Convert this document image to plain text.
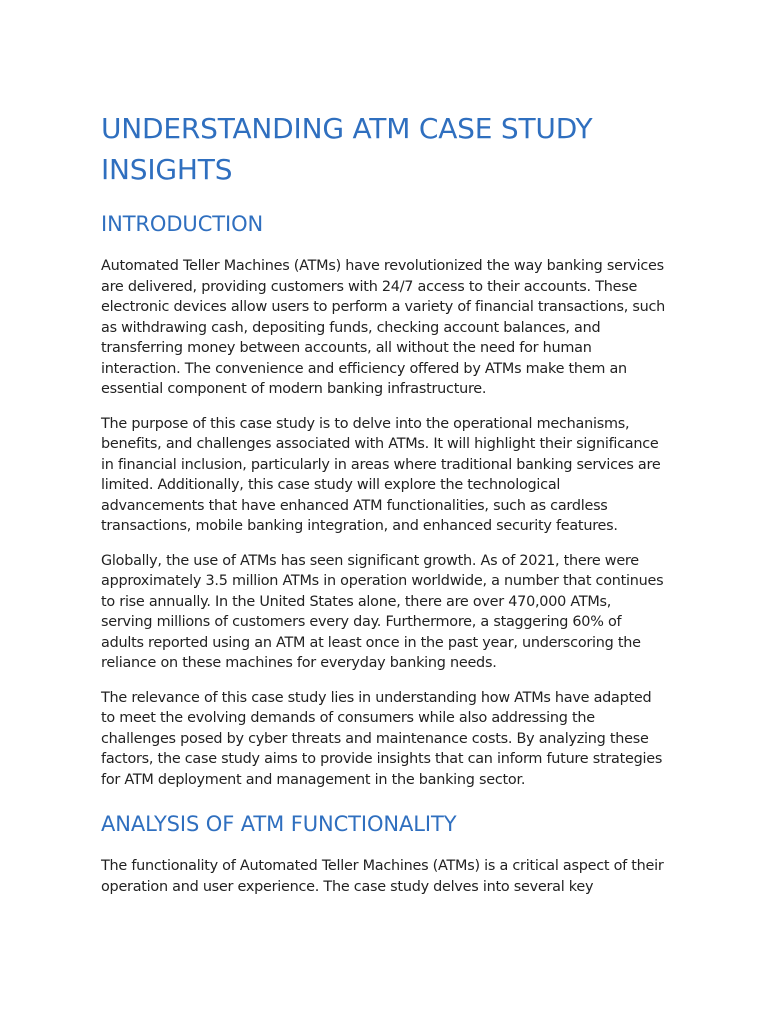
UNDERSTANDING ATM CASE STUDY INSIGHTS
INTRODUCTION

Automated Teller Machines (ATMs) have revolutionized the way banking services are delivered, providing customers with 24/7 access to their accounts. These electronic devices allow users to perform a variety of financial transactions, such as withdrawing cash, depositing funds, checking account balances, and transferring money between accounts, all without the need for human interaction. The convenience and efficiency offered by ATMs make them an essential component of modern banking infrastructure.

The purpose of this case study is to delve into the operational mechanisms, benefits, and challenges associated with ATMs. It will highlight their significance in financial inclusion, particularly in areas where traditional banking services are limited. Additionally, this case study will explore the technological advancements that have enhanced ATM functionalities, such as cardless transactions, mobile banking integration, and enhanced security features.

Globally, the use of ATMs has seen significant growth. As of 2021, there were approximately 3.5 million ATMs in operation worldwide, a number that continues to rise annually. In the United States alone, there are over 470,000 ATMs, serving millions of customers every day. Furthermore, a staggering 60% of adults reported using an ATM at least once in the past year, underscoring the reliance on these machines for everyday banking needs.

The relevance of this case study lies in understanding how ATMs have adapted to meet the evolving demands of consumers while also addressing the challenges posed by cyber threats and maintenance costs. By analyzing these factors, the case study aims to provide insights that can inform future strategies for ATM deployment and management in the banking sector.

ANALYSIS OF ATM FUNCTIONALITY

The functionality of Automated Teller Machines (ATMs) is a critical aspect of their operation and user experience. The case study delves into several key
